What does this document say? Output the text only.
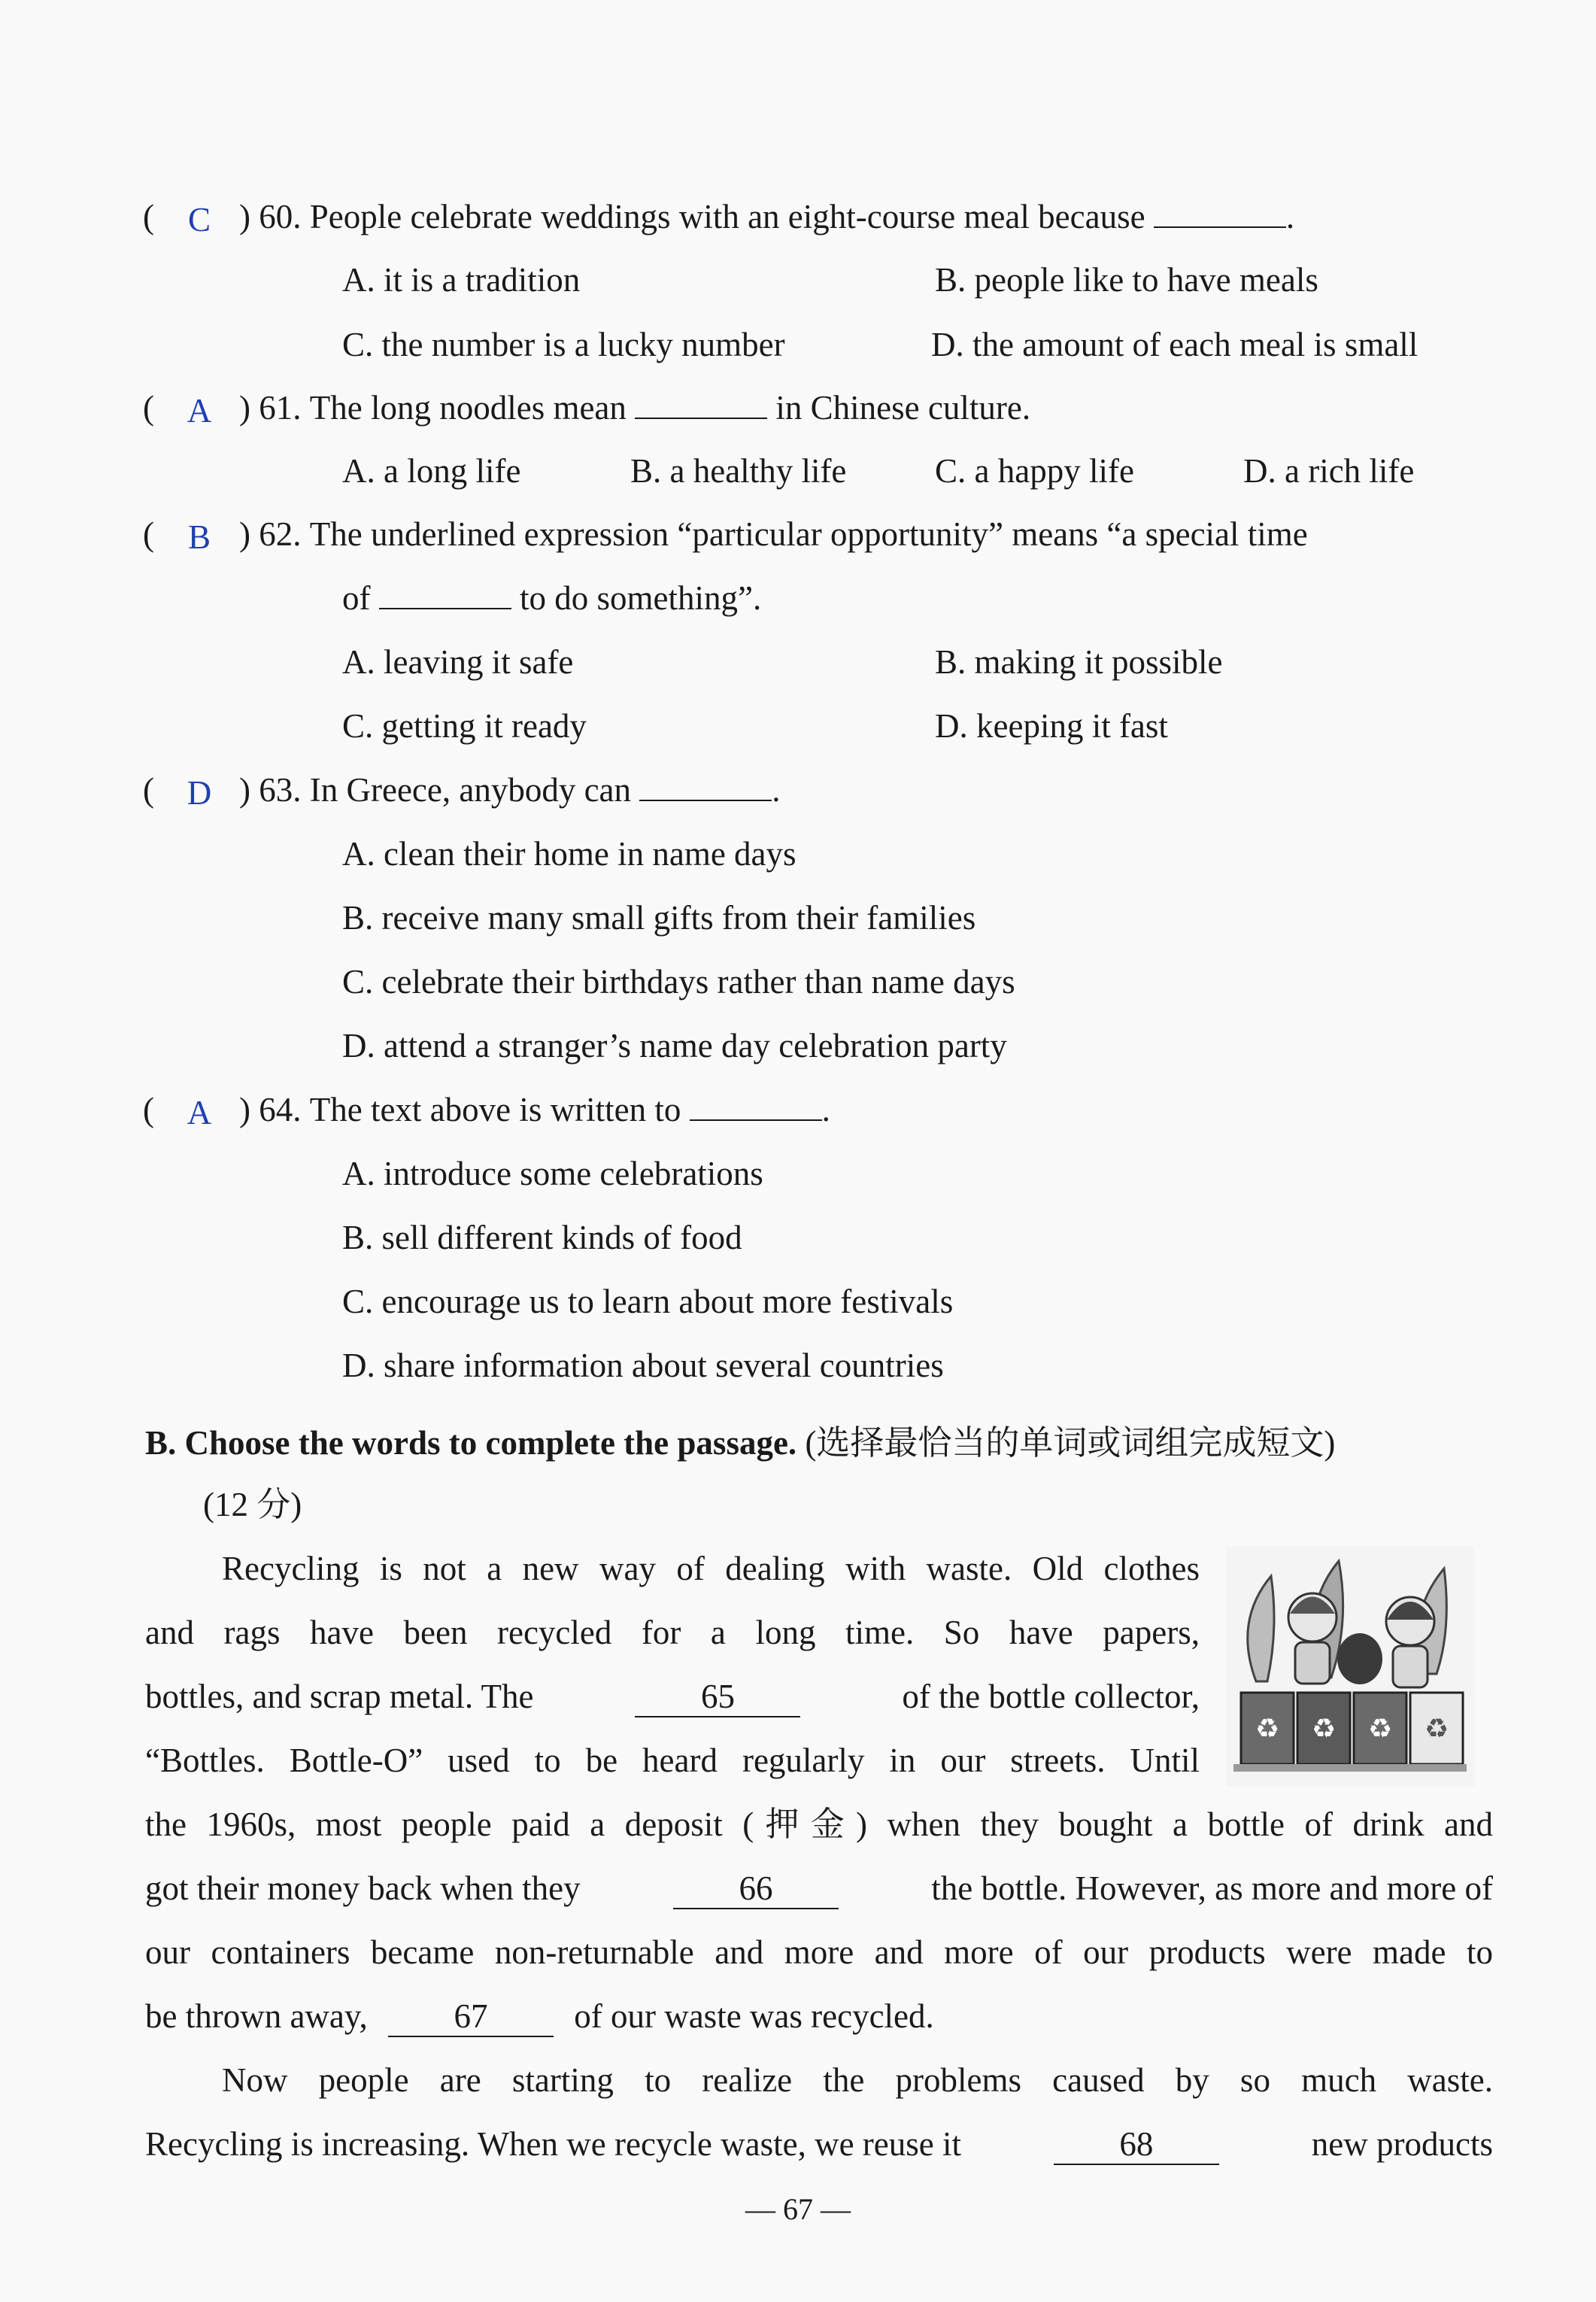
( C ) 60. People celebrate weddings with an eight-course meal because	.
A. it is a tradition	B. people like to have meals
C. the number is a lucky number	D. the amount of each meal is small
( A ) 61. The long noodles mean	in Chinese culture.
A. a long life	B. a healthy life	C. a happy life	D. a rich life
( B ) 62. The underlined expression “particular opportunity” means “a special time
of	to do something”.
A. leaving it safe	B. making it possible
C. getting it ready	D. keeping it fast
( D ) 63. In Greece, anybody can	.
A. clean their home in name days
B. receive many small gifts from their families
C. celebrate their birthdays rather than name days
D. attend a stranger’s name day celebration party
( A ) 64. The text above is written to	.
A. introduce some celebrations
B. sell different kinds of food
C. encourage us to learn about more festivals
D. share information about several countries
B. Choose the words to complete the passage. (选择最恰当的单词或词组完成短文)
(12 分)
Recycling is not a new way of dealing with waste. Old clothes
and rags have been recycled for a long time. So have papers,
bottles, and scrap metal. The	65	of the bottle collector,
“Bottles. Bottle-O” used to be heard regularly in our streets. Until
the 1960s, most people paid a deposit (押金) when they bought a bottle of drink and
got their money back when they	66	the bottle. However, as more and more of
our containers became non-returnable and more and more of our products were made to
be thrown away,	67	of our waste was recycled.
Now people are starting to realize the problems caused by so much waste.
Recycling is increasing. When we recycle waste, we reuse it	68	new products
♻ ♻ ♻ ♻
— 67 —
